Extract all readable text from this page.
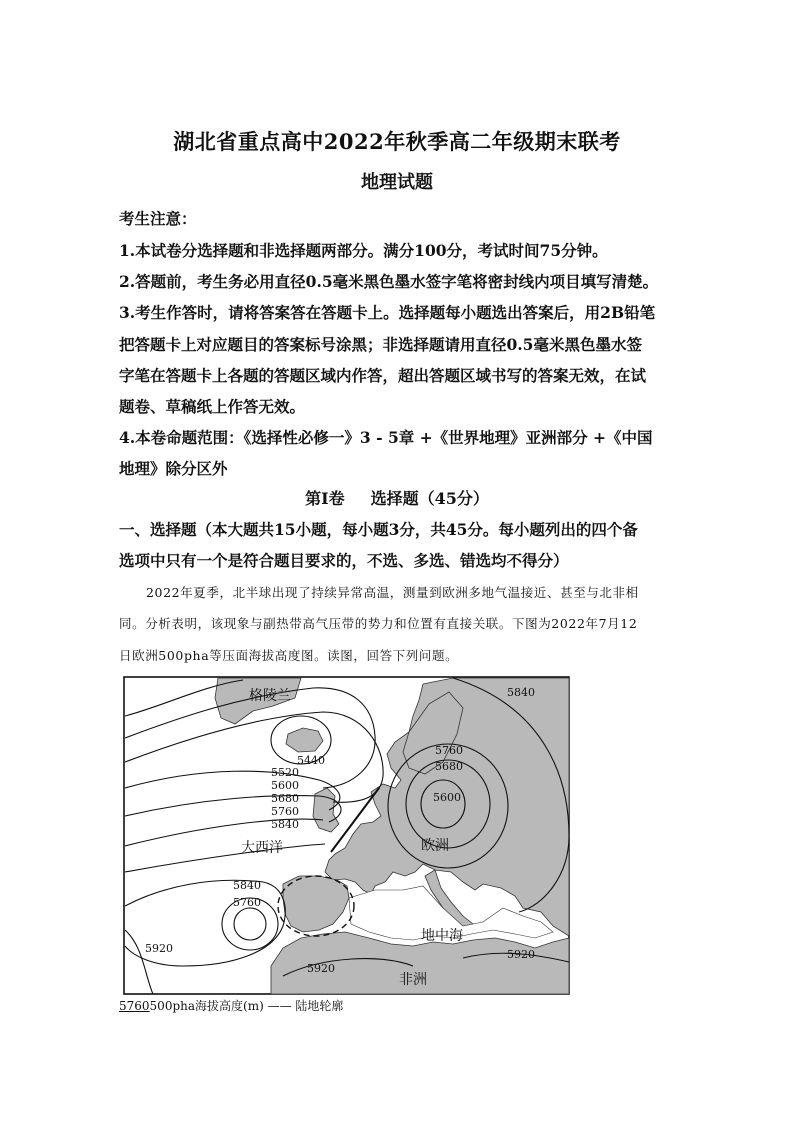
湖北省重点高中2022年秋季高二年级期末联考
地理试题
考生注意：
1.本试卷分选择题和非选择题两部分。满分100分，考试时间75分钟。
2.答题前，考生务必用直径0.5毫米黑色墨水签字笔将密封线内项目填写清楚。
3.考生作答时，请将答案答在答题卡上。选择题每小题选出答案后，用2B铅笔
把答题卡上对应题目的答案标号涂黑；非选择题请用直径0.5毫米黑色墨水签
字笔在答题卡上各题的答题区域内作答，超出答题区域书写的答案无效，在试
题卷、草稿纸上作答无效。
4.本卷命题范围：《选择性必修一》3 - 5章 +《世界地理》亚洲部分 +《中国
地理》除分区外
第Ⅰ卷 选择题（45分）
一、选择题（本大题共15小题，每小题3分，共45分。每小题列出的四个备
选项中只有一个是符合题目要求的，不选、多选、错选均不得分）
2022年夏季，北半球出现了持续异常高温，测量到欧洲多地气温接近、甚至与北非相
同。分析表明，该现象与副热带高气压带的势力和位置有直接关联。下图为2022年7月12
日欧洲500pha等压面海拔高度图。读图，回答下列问题。
格陵兰
大西洋	欧洲
地中海
非洲
5840
5440
5520
5600
5680
5760
5840
5760
5680
5600
5840
5760
5920
5920
5920
5760500pha海拔高度(m) —— 陆地轮廓
